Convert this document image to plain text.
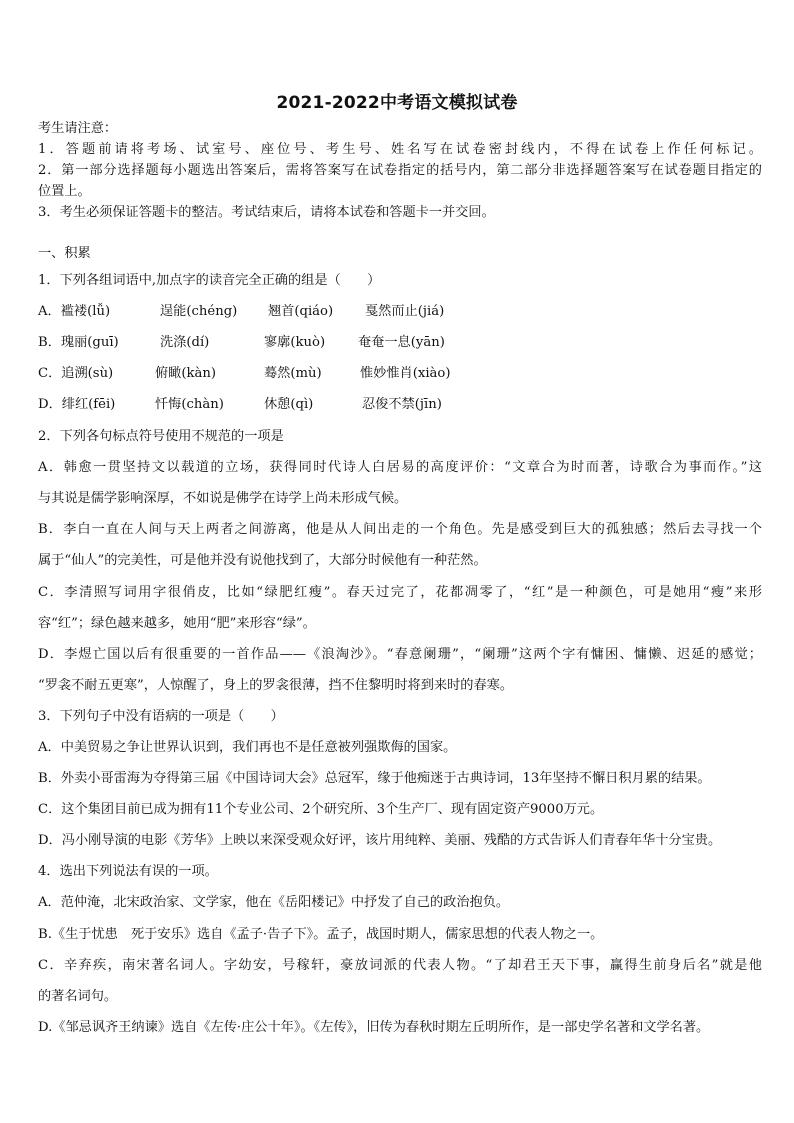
2021-2022中考语文模拟试卷
考生请注意：
1．答题前请将考场、试室号、座位号、考生号、姓名写在试卷密封线内，不得在试卷上作任何标记。
2．第一部分选择题每小题选出答案后，需将答案写在试卷指定的括号内，第二部分非选择题答案写在试卷题目指定的
位置上。
3．考生必须保证答题卡的整洁。考试结束后，请将本试卷和答题卡一并交回。
一、积累
1．下列各组词语中,加点字的读音完全正确的组是（　　）
A．褴褛(lǚ)	逞能(chéng) 翘首(qiáo) 戛然而止(jiá)
B．瑰丽(guī)	洗涤(dí)	寥廓(kuò) 奄奄一息(yān)
C．追溯(sù)	俯瞰(kàn)	蓦然(mù)	惟妙惟肖(xiào)
D．绯红(fēi)	忏悔(chàn)	休憩(qì)	忍俊不禁(jīn)
2．下列各句标点符号使用不规范的一项是
A．韩愈一贯坚持文以载道的立场，获得同时代诗人白居易的高度评价：“文章合为时而著，诗歌合为事而作。”这
与其说是儒学影响深厚，不如说是佛学在诗学上尚未形成气候。
B．李白一直在人间与天上两者之间游离，他是从人间出走的一个角色。先是感受到巨大的孤独感；然后去寻找一个
属于“仙人”的完美性，可是他并没有说他找到了，大部分时候他有一种茫然。
C．李清照写词用字很俏皮，比如“绿肥红瘦”。春天过完了，花都凋零了，“红”是一种颜色，可是她用“瘦”来形
容“红”；绿色越来越多，她用“肥”来形容“绿”。
D．李煜亡国以后有很重要的一首作品——《浪淘沙》。“春意阑珊”，“阑珊”这两个字有慵困、慵懒、迟延的感觉；
“罗衾不耐五更寒”，人惊醒了，身上的罗衾很薄，挡不住黎明时将到来时的春寒。
3．下列句子中没有语病的一项是（　　）
A．中美贸易之争让世界认识到，我们再也不是任意被列强欺侮的国家。
B．外卖小哥雷海为夺得第三届《中国诗词大会》总冠军，缘于他痴迷于古典诗词，13年坚持不懈日积月累的结果。
C．这个集团目前已成为拥有11个专业公司、2个研究所、3个生产厂、现有固定资产9000万元。
D．冯小刚导演的电影《芳华》上映以来深受观众好评，该片用纯粹、美丽、残酷的方式告诉人们青春年华十分宝贵。
4．选出下列说法有误的一项。
A．范仲淹，北宋政治家、文学家，他在《岳阳楼记》中抒发了自己的政治抱负。
B.《生于忧患　死于安乐》选自《孟子·告子下》。孟子，战国时期人，儒家思想的代表人物之一。
C．辛弃疾，南宋著名词人。字幼安，号稼轩，豪放词派的代表人物。“了却君王天下事，赢得生前身后名”就是他
的著名词句。
D.《邹忌讽齐王纳谏》选自《左传·庄公十年》。《左传》，旧传为春秋时期左丘明所作，是一部史学名著和文学名著。
